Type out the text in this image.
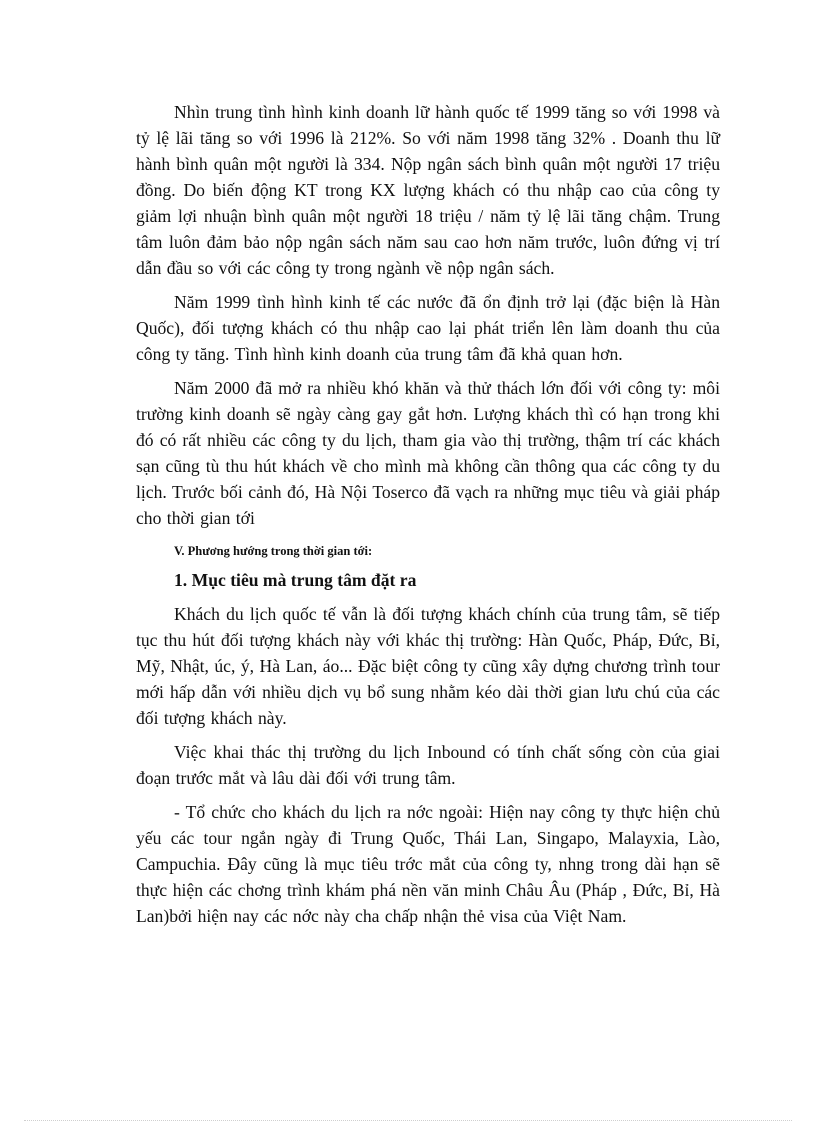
Nhìn trung tình hình kinh doanh lữ hành quốc tế 1999 tăng so với 1998 và tỷ lệ lãi tăng so với 1996 là 212%. So với năm 1998 tăng 32% . Doanh thu lữ hành bình quân một người là 334. Nộp ngân sách bình quân một người 17 triệu đồng. Do biến động KT trong KX lượng khách có thu nhập cao của công ty giảm lợi nhuận bình quân một người 18 triệu / năm tỷ lệ lãi tăng chậm. Trung tâm luôn đảm bảo nộp ngân sách năm sau cao hơn năm trước, luôn đứng vị trí dẫn đầu so với các công ty trong ngành về nộp ngân sách.

Năm 1999 tình hình kinh tế các nước đã ổn định trở lại (đặc biện là Hàn Quốc), đối tượng khách có thu nhập cao lại phát triển lên làm doanh thu của công ty tăng. Tình hình kinh doanh của trung tâm đã khả quan hơn.

Năm 2000 đã mở ra nhiều khó khăn và thử thách lớn đối với công ty: môi trường kinh doanh sẽ ngày càng gay gắt hơn. Lượng khách thì có hạn trong khi đó có rất nhiều các công ty du lịch, tham gia vào thị trường, thậm trí các khách sạn cũng tù thu hút khách về cho mình mà không cần thông qua các công ty du lịch. Trước bối cảnh đó, Hà Nội Toserco đã vạch ra những mục tiêu và giải pháp cho thời gian tới

V. Phương hướng trong thời gian tới:
1. Mục tiêu mà trung tâm đặt ra

Khách du lịch quốc tế vẫn là đối tượng khách chính của trung tâm, sẽ tiếp tục thu hút đối tượng khách này với khác thị trường: Hàn Quốc, Pháp, Đức, Bỉ, Mỹ, Nhật, úc, ý, Hà Lan, áo... Đặc biệt công ty cũng xây dựng chương trình tour mới hấp dẫn với nhiều dịch vụ bổ sung nhằm kéo dài thời gian lưu chú của các đối tượng khách này.

Việc khai thác thị trường du lịch Inbound có tính chất sống còn của giai đoạn trước mắt và lâu dài đối với trung tâm.

- Tổ chức cho khách du lịch ra nớc ngoài: Hiện nay công ty thực hiện chủ yếu các tour ngắn ngày đi Trung Quốc, Thái Lan, Singapo, Malayxia, Lào, Campuchia. Đây cũng là mục tiêu trớc mắt của công ty, nhng trong dài hạn sẽ thực hiện các chơng trình khám phá nền văn minh Châu Âu (Pháp , Đức, Bỉ, Hà Lan)bởi hiện nay các nớc này cha chấp nhận thẻ visa của Việt Nam.
